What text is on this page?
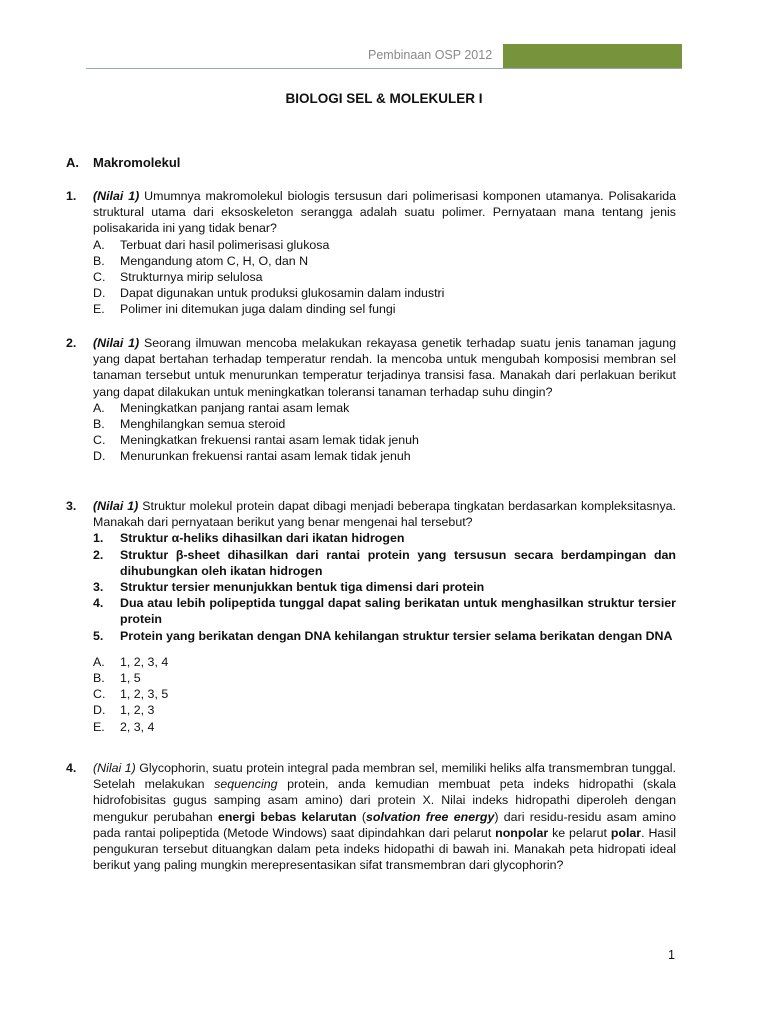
Pembinaan OSP 2012
BIOLOGI SEL & MOLEKULER I
A. Makromolekul
1. (Nilai 1) Umumnya makromolekul biologis tersusun dari polimerisasi komponen utamanya. Polisakarida struktural utama dari eksoskeleton serangga adalah suatu polimer. Pernyataan mana tentang jenis polisakarida ini yang tidak benar?
A. Terbuat dari hasil polimerisasi glukosa
B. Mengandung atom C, H, O, dan N
C. Strukturnya mirip selulosa
D. Dapat digunakan untuk produksi glukosamin dalam industri
E. Polimer ini ditemukan juga dalam dinding sel fungi
2. (Nilai 1) Seorang ilmuwan mencoba melakukan rekayasa genetik terhadap suatu jenis tanaman jagung yang dapat bertahan terhadap temperatur rendah. Ia mencoba untuk mengubah komposisi membran sel tanaman tersebut untuk menurunkan temperatur terjadinya transisi fasa. Manakah dari perlakuan berikut yang dapat dilakukan untuk meningkatkan toleransi tanaman terhadap suhu dingin?
A. Meningkatkan panjang rantai asam lemak
B. Menghilangkan semua steroid
C. Meningkatkan frekuensi rantai asam lemak tidak jenuh
D. Menurunkan frekuensi rantai asam lemak tidak jenuh
3. (Nilai 1) Struktur molekul protein dapat dibagi menjadi beberapa tingkatan berdasarkan kompleksitasnya. Manakah dari pernyataan berikut yang benar mengenai hal tersebut?
1. Struktur α-heliks dihasilkan dari ikatan hidrogen
2. Struktur β-sheet dihasilkan dari rantai protein yang tersusun secara berdampingan dan dihubungkan oleh ikatan hidrogen
3. Struktur tersier menunjukkan bentuk tiga dimensi dari protein
4. Dua atau lebih polipeptida tunggal dapat saling berikatan untuk menghasilkan struktur tersier protein
5. Protein yang berikatan dengan DNA kehilangan struktur tersier selama berikatan dengan DNA
A. 1, 2, 3, 4
B. 1, 5
C. 1, 2, 3, 5
D. 1, 2, 3
E. 2, 3, 4
4. (Nilai 1) Glycophorin, suatu protein integral pada membran sel, memiliki heliks alfa transmembran tunggal. Setelah melakukan sequencing protein, anda kemudian membuat peta indeks hidropathi (skala hidrofobisitas gugus samping asam amino) dari protein X. Nilai indeks hidropathi diperoleh dengan mengukur perubahan energi bebas kelarutan (solvation free energy) dari residu-residu asam amino pada rantai polipeptida (Metode Windows) saat dipindahkan dari pelarut nonpolar ke pelarut polar. Hasil pengukuran tersebut dituangkan dalam peta indeks hidopathi di bawah ini. Manakah peta hidropati ideal berikut yang paling mungkin merepresentasikan sifat transmembran dari glycophorin?
1
